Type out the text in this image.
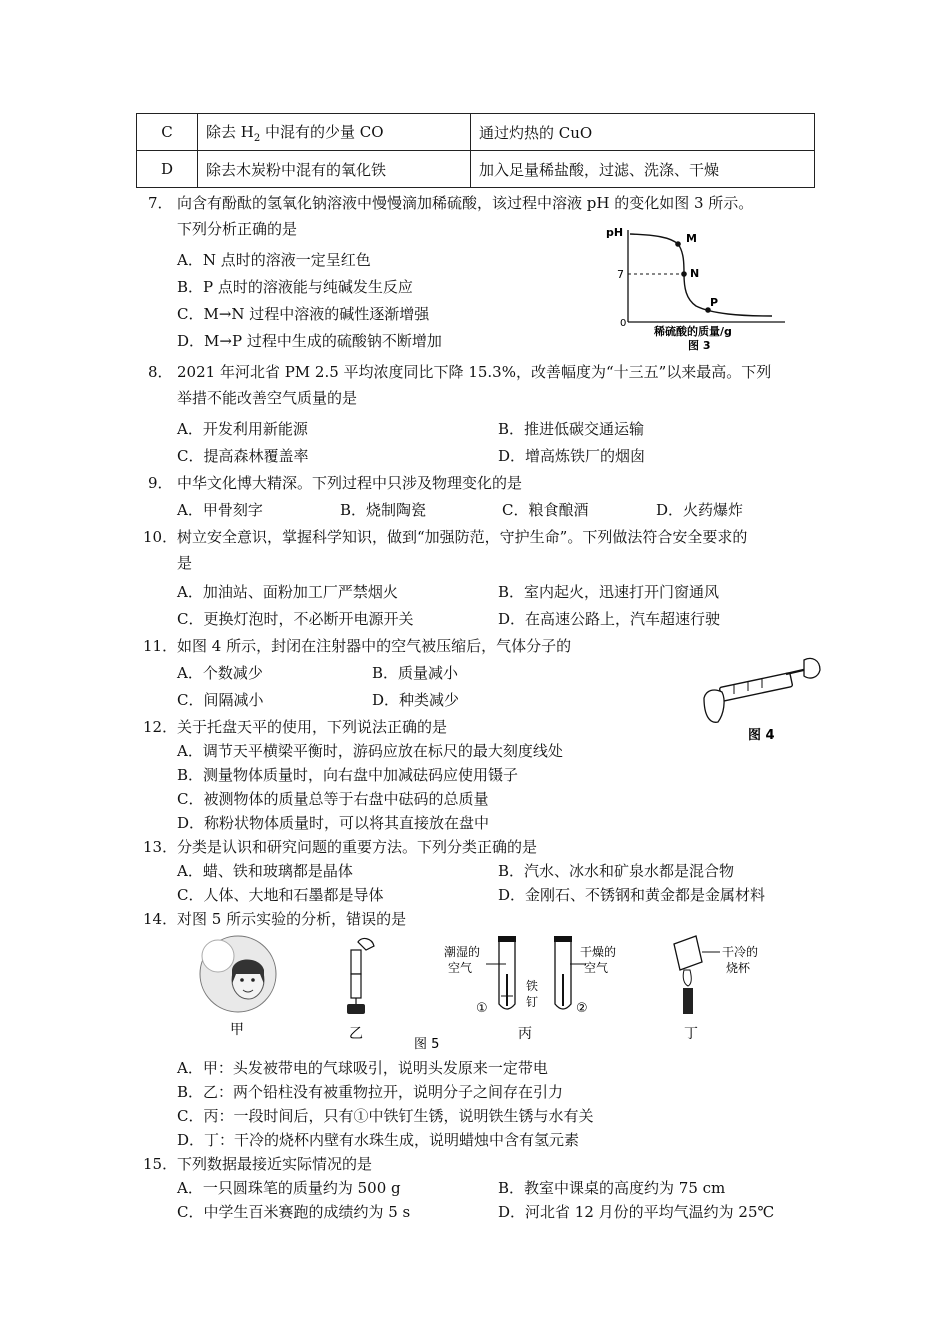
C	除去 $H_2$ 中混有的少量 CO	通过灼热的 CuO
D	除去木炭粉中混有的氧化铁	加入足量稀盐酸，过滤、洗涤、干燥
7． 向含有酚酞的氢氧化钠溶液中慢慢滴加稀硫酸，该过程中溶液 pH 的变化如图 3 所示。
下列分析正确的是
A．N 点时的溶液一定呈红色
B．P 点时的溶液能与纯碱发生反应
C．M→N 过程中溶液的碱性逐渐增强
D．M→P 过程中生成的硫酸钠不断增加
pH
7
0
M
N
P
稀硫酸的质量/g
图 3
8． 2021 年河北省 PM 2.5 平均浓度同比下降 15.3%，改善幅度为“十三五”以来最高。下列
举措不能改善空气质量的是
A．开发利用新能源	B．推进低碳交通运输
C．提高森林覆盖率	D．增高炼铁厂的烟囱
9． 中华文化博大精深。下列过程中只涉及物理变化的是
A．甲骨刻字	B．烧制陶瓷	C．粮食酿酒	D．火药爆炸
10． 树立安全意识，掌握科学知识，做到“加强防范，守护生命”。下列做法符合安全要求的
是
A．加油站、面粉加工厂严禁烟火	B．室内起火，迅速打开门窗通风
C．更换灯泡时，不必断开电源开关	D．在高速公路上，汽车超速行驶
11． 如图 4 所示，封闭在注射器中的空气被压缩后，气体分子的
A．个数减少	B．质量减小
C．间隔减小	D．种类减少
图 4
12． 关于托盘天平的使用，下列说法正确的是
A．调节天平横梁平衡时，游码应放在标尺的最大刻度线处
B．测量物体质量时，向右盘中加减砝码应使用镊子
C．被测物体的质量总等于右盘中砝码的总质量
D．称粉状物体质量时，可以将其直接放在盘中
13． 分类是认识和研究问题的重要方法。下列分类正确的是
A．蜡、铁和玻璃都是晶体	B．汽水、冰水和矿泉水都是混合物
C．人体、大地和石墨都是导体	D．金刚石、不锈钢和黄金都是金属材料
14． 对图 5 所示实验的分析，错误的是
甲	乙
潮湿的
空气
①
铁
钉	②
干燥的
空气
丙
干冷的
烧杯
丁
图 5
A．甲：头发被带电的气球吸引，说明头发原来一定带电
B．乙：两个铅柱没有被重物拉开，说明分子之间存在引力
C．丙：一段时间后，只有①中铁钉生锈，说明铁生锈与水有关
D．丁：干冷的烧杯内壁有水珠生成，说明蜡烛中含有氢元素
15． 下列数据最接近实际情况的是
A．一只圆珠笔的质量约为 500 g	B．教室中课桌的高度约为 75 cm
C．中学生百米赛跑的成绩约为 5 s	D．河北省 12 月份的平均气温约为 25℃
